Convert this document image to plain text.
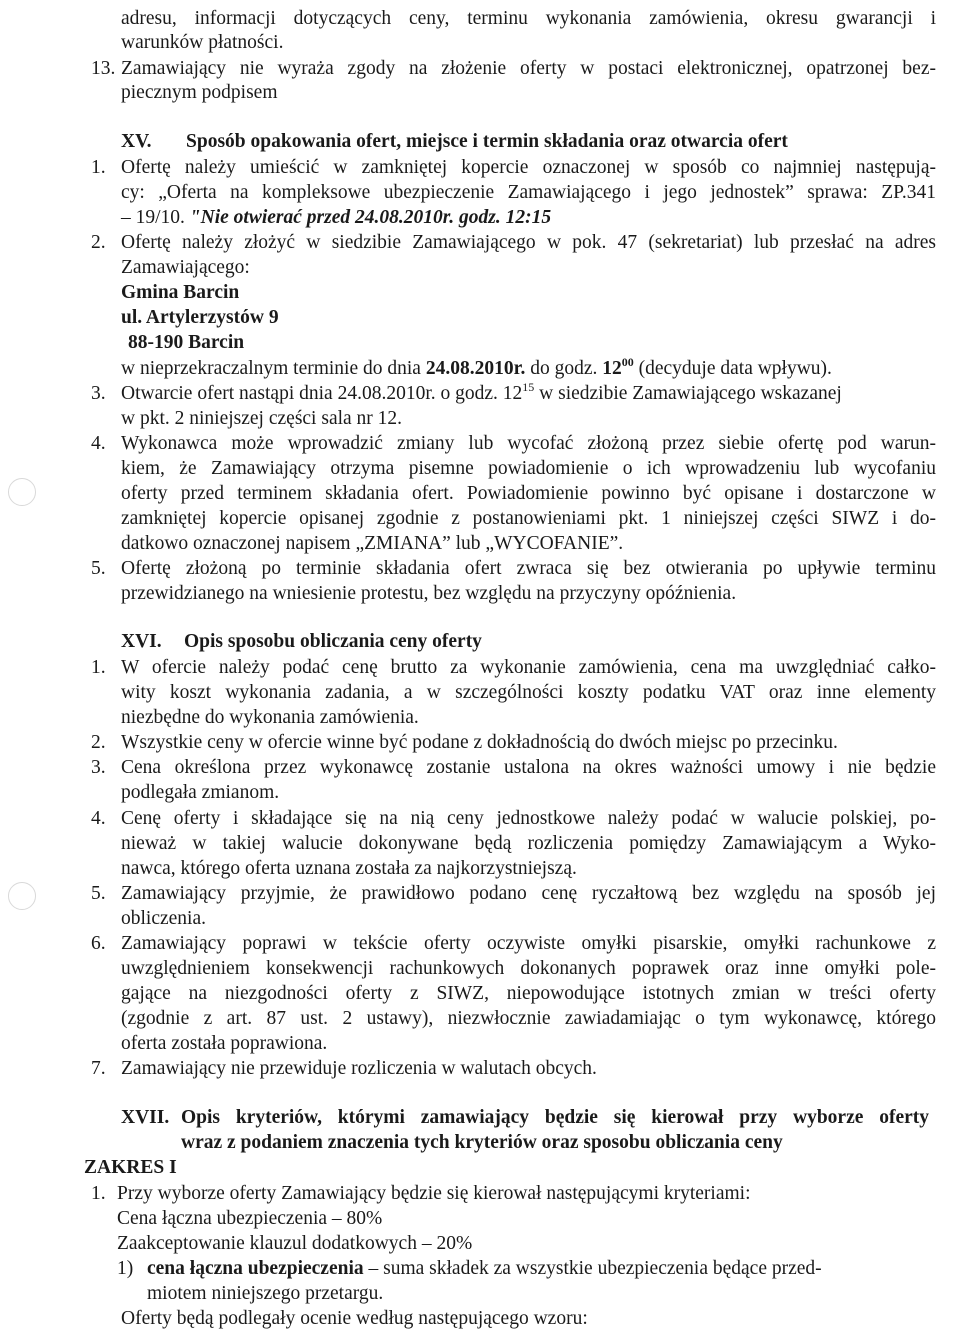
adresu, informacji dotyczących ceny, terminu wykonania zamówienia, okresu gwarancji i
warunków płatności.
13. Zamawiający nie wyraża zgody na złożenie oferty w postaci elektronicznej, opatrzonej bez-
piecznym podpisem
XV. Sposób opakowania ofert, miejsce i termin składania oraz otwarcia ofert
1. Ofertę należy umieścić w zamkniętej kopercie oznaczonej w sposób co najmniej następują-
cy: „Oferta na kompleksowe ubezpieczenie Zamawiającego i jego jednostek” sprawa: ZP.341
– 19/10. "Nie otwierać przed 24.08.2010r. godz. 12:15
2. Ofertę należy złożyć w siedzibie Zamawiającego w pok. 47 (sekretariat) lub przesłać na adres
Zamawiającego:
Gmina Barcin
ul. Artylerzystów 9
88-190 Barcin
w nieprzekraczalnym terminie do dnia 24.08.2010r. do godz. $12^{00}$ (decyduje data wpływu).
3. Otwarcie ofert nastąpi dnia 24.08.2010r. o godz. $12^{15}$ w siedzibie Zamawiającego wskazanej
w pkt. 2 niniejszej części sala nr 12.
4. Wykonawca może wprowadzić zmiany lub wycofać złożoną przez siebie ofertę pod warun-
kiem, że Zamawiający otrzyma pisemne powiadomienie o ich wprowadzeniu lub wycofaniu
oferty przed terminem składania ofert. Powiadomienie powinno być opisane i dostarczone w
zamkniętej kopercie opisanej zgodnie z postanowieniami pkt. 1 niniejszej części SIWZ i do-
datkowo oznaczonej napisem „ZMIANA” lub „WYCOFANIE”.
5. Ofertę złożoną po terminie składania ofert zwraca się bez otwierania po upływie terminu
przewidzianego na wniesienie protestu, bez względu na przyczyny opóźnienia.
XVI. Opis sposobu obliczania ceny oferty
1. W ofercie należy podać cenę brutto za wykonanie zamówienia, cena ma uwzględniać całko-
wity koszt wykonania zadania, a w szczególności koszty podatku VAT oraz inne elementy
niezbędne do wykonania zamówienia.
2. Wszystkie ceny w ofercie winne być podane z dokładnością do dwóch miejsc po przecinku.
3. Cena określona przez wykonawcę zostanie ustalona na okres ważności umowy i nie będzie
podlegała zmianom.
4. Cenę oferty i składające się na nią ceny jednostkowe należy podać w walucie polskiej, po-
nieważ w takiej walucie dokonywane będą rozliczenia pomiędzy Zamawiającym a Wyko-
nawca, którego oferta uznana została za najkorzystniejszą.
5. Zamawiający przyjmie, że prawidłowo podano cenę ryczałtową bez względu na sposób jej
obliczenia.
6. Zamawiający poprawi w tekście oferty oczywiste omyłki pisarskie, omyłki rachunkowe z
uwzględnieniem konsekwencji rachunkowych dokonanych poprawek oraz inne omyłki pole-
gające na niezgodności oferty z SIWZ, niepowodujące istotnych zmian w treści oferty
(zgodnie z art. 87 ust. 2 ustawy), niezwłocznie zawiadamiając o tym wykonawcę, którego
oferta została poprawiona.
7. Zamawiający nie przewiduje rozliczenia w walutach obcych.
XVII. Opis kryteriów, którymi zamawiający będzie się kierował przy wyborze oferty
wraz z podaniem znaczenia tych kryteriów oraz sposobu obliczania ceny
ZAKRES I
1. Przy wyborze oferty Zamawiający będzie się kierował następującymi kryteriami:
Cena łączna ubezpieczenia – 80%
Zaakceptowanie klauzul dodatkowych – 20%
1) cena łączna ubezpieczenia – suma składek za wszystkie ubezpieczenia będące przed-
miotem niniejszego przetargu.
Oferty będą podlegały ocenie według następującego wzoru:
